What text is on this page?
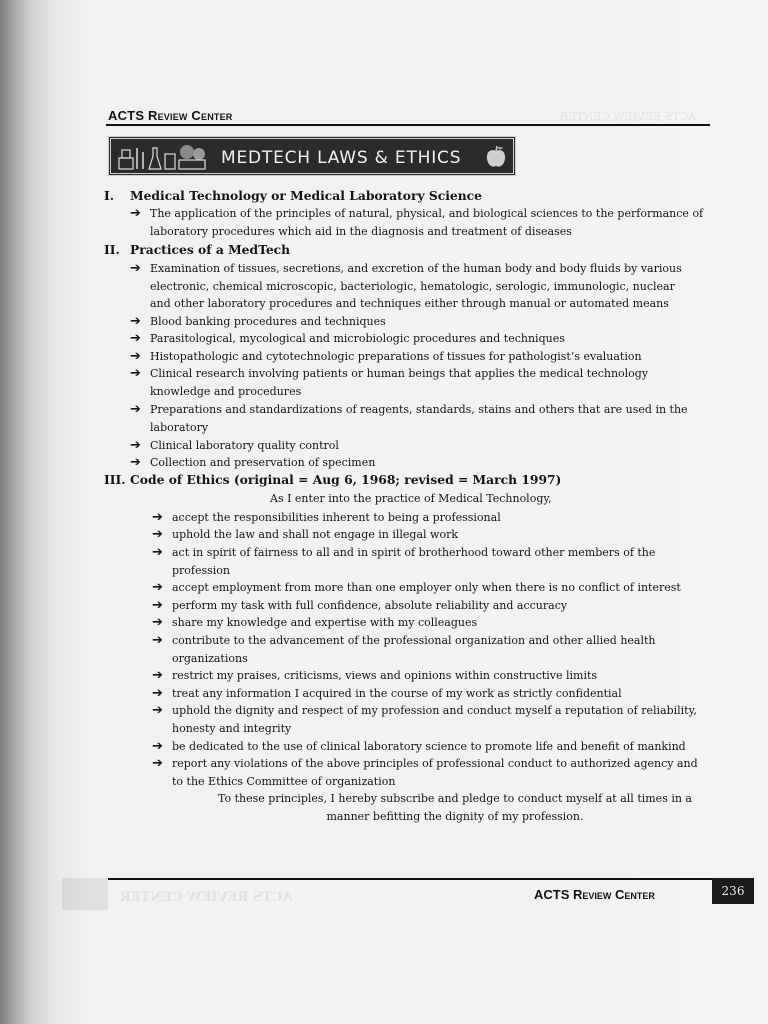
ACTS REVIEW CENTER
ACTS REVIEW CENTER
ACTS Review Center
MEDTECH LAWS & ETHICS
I. Medical Technology or Medical Laboratory Science
➔ The application of the principles of natural, physical, and biological sciences to the performance of laboratory procedures which aid in the diagnosis and treatment of diseases
II. Practices of a MedTech
➔ Examination of tissues, secretions, and excretion of the human body and body fluids by various electronic, chemical microscopic, bacteriologic, hematologic, serologic, immunologic, nuclear and other laboratory procedures and techniques either through manual or automated means
➔ Blood banking procedures and techniques
➔ Parasitological, mycological and microbiologic procedures and techniques
➔ Histopathologic and cytotechnologic preparations of tissues for pathologist’s evaluation
➔ Clinical research involving patients or human beings that applies the medical technology knowledge and procedures
➔ Preparations and standardizations of reagents, standards, stains and others that are used in the laboratory
➔ Clinical laboratory quality control
➔ Collection and preservation of specimen
III. Code of Ethics (original = Aug 6, 1968; revised = March 1997)
As I enter into the practice of Medical Technology,
➔ accept the responsibilities inherent to being a professional
➔ uphold the law and shall not engage in illegal work
➔ act in spirit of fairness to all and in spirit of brotherhood toward other members of the profession
➔ accept employment from more than one employer only when there is no conflict of interest
➔ perform my task with full confidence, absolute reliability and accuracy
➔ share my knowledge and expertise with my colleagues
➔ contribute to the advancement of the professional organization and other allied health organizations
➔ restrict my praises, criticisms, views and opinions within constructive limits
➔ treat any information I acquired in the course of my work as strictly confidential
➔ uphold the dignity and respect of my profession and conduct myself a reputation of reliability, honesty and integrity
➔ be dedicated to the use of clinical laboratory science to promote life and benefit of mankind
➔ report any violations of the above principles of professional conduct to authorized agency and to the Ethics Committee of organization
To these principles, I hereby subscribe and pledge to conduct myself at all times in a manner befitting the dignity of my profession.
ACTS Review Center	236
